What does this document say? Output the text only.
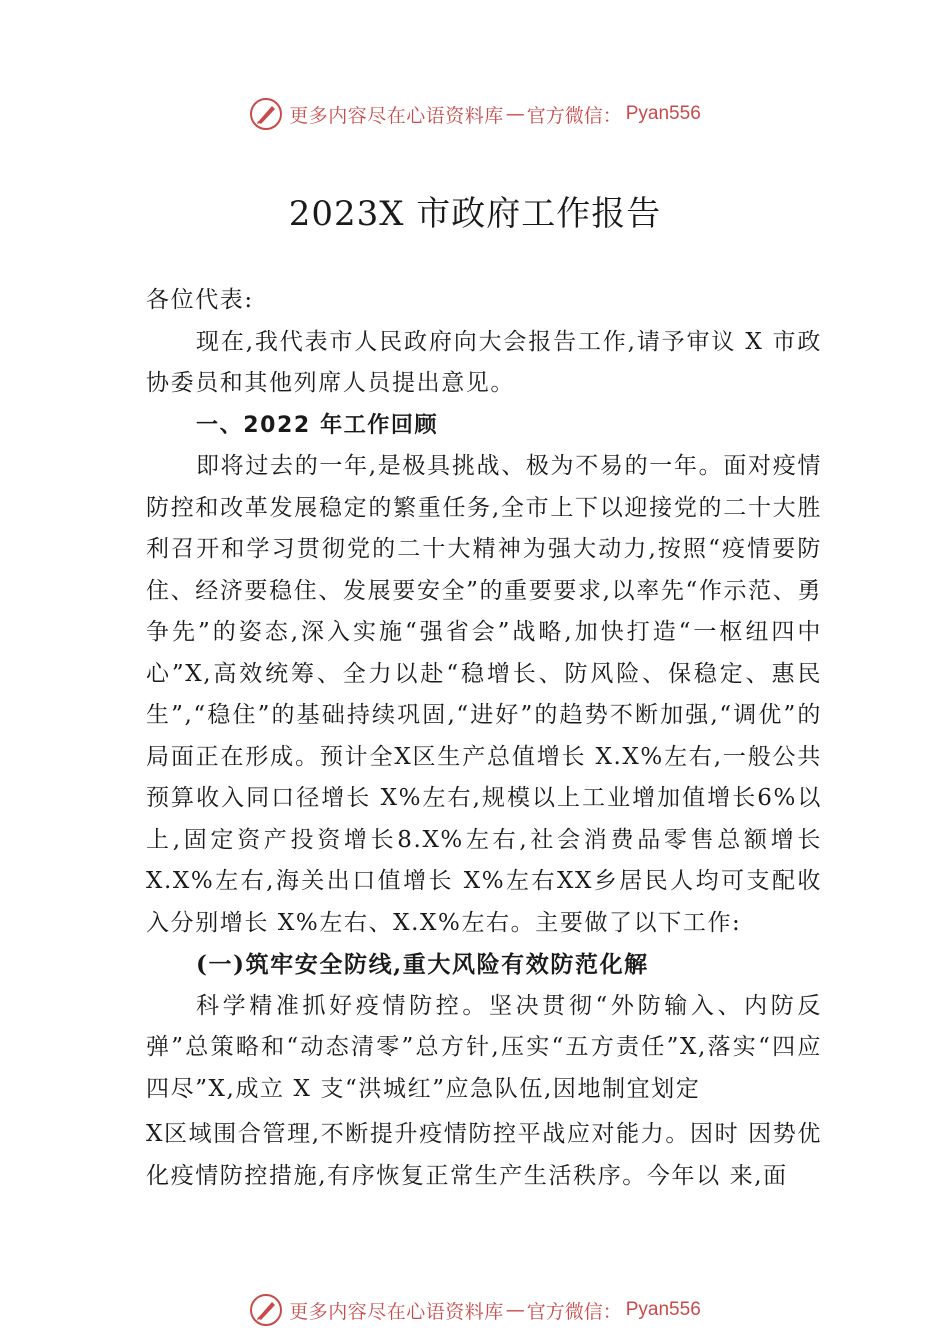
更多内容尽在心语资料库 — 官方微信： Pyan556
2023X 市政府工作报告

各位代表:

现在,我代表市人民政府向大会报告工作,请予审议 X 市政协委员和其他列席人员提出意见。

一、2022 年工作回顾

即将过去的一年,是极具挑战、极为不易的一年。面对疫情防控和改革发展稳定的繁重任务,全市上下以迎接党的二十大胜利召开和学习贯彻党的二十大精神为强大动力,按照“疫情要防住、经济要稳住、发展要安全”的重要要求,以率先“作示范、勇争先”的姿态,深入实施“强省会”战略,加快打造“一枢纽四中心”X,高效统筹、全力以赴“稳增长、防风险、保稳定、惠民生”,“稳住”的基础持续巩固,“进好”的趋势不断加强,“调优”的局面正在形成。预计全X区生产总值增长 X.X%左右,一般公共预算收入同口径增长 X%左右,规模以上工业增加值增长6%以上,固定资产投资增长8.X%左右,社会消费品零售总额增长 X.X%左右,海关出口值增长 X%左右XX乡居民人均可支配收入分别增长 X%左右、X.X%左右。主要做了以下工作:

(一)筑牢安全防线,重大风险有效防范化解

科学精准抓好疫情防控。坚决贯彻“外防输入、内防反弹”总策略和“动态清零”总方针,压实“五方责任”X,落实“四应四尽”X,成立 X 支“洪城红”应急队伍,因地制宜划定

X区域围合管理,不断提升疫情防控平战应对能力。因时 因势优化疫情防控措施,有序恢复正常生产生活秩序。今年以 来,面

更多内容尽在心语资料库 — 官方微信： Pyan556
